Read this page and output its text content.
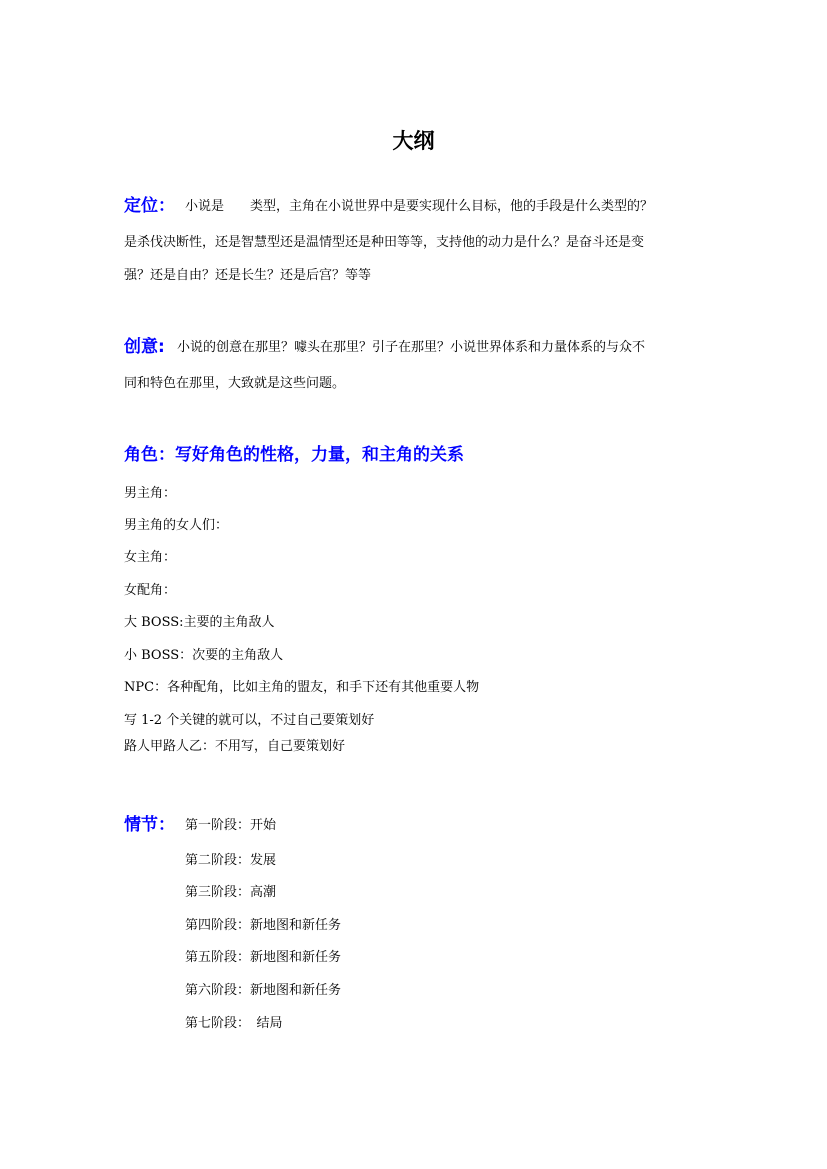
大纲
定位： 小说是　　类型，主角在小说世界中是要实现什么目标，他的手段是什么类型的？
是杀伐决断性，还是智慧型还是温情型还是种田等等，支持他的动力是什么？是奋斗还是变
强？还是自由？还是长生？还是后宫？等等
创意: 小说的创意在那里？噱头在那里？引子在那里？小说世界体系和力量体系的与众不
同和特色在那里，大致就是这些问题。
角色：写好角色的性格，力量，和主角的关系
男主角：
男主角的女人们：
女主角：
女配角：
大 BOSS:主要的主角敌人
小 BOSS：次要的主角敌人
NPC：各种配角，比如主角的盟友，和手下还有其他重要人物
写 1-2 个关键的就可以，不过自己要策划好
路人甲路人乙：不用写，自己要策划好
情节： 第一阶段：开始
第二阶段：发展
第三阶段：高潮
第四阶段：新地图和新任务
第五阶段：新地图和新任务
第六阶段：新地图和新任务
第七阶段：　结局
